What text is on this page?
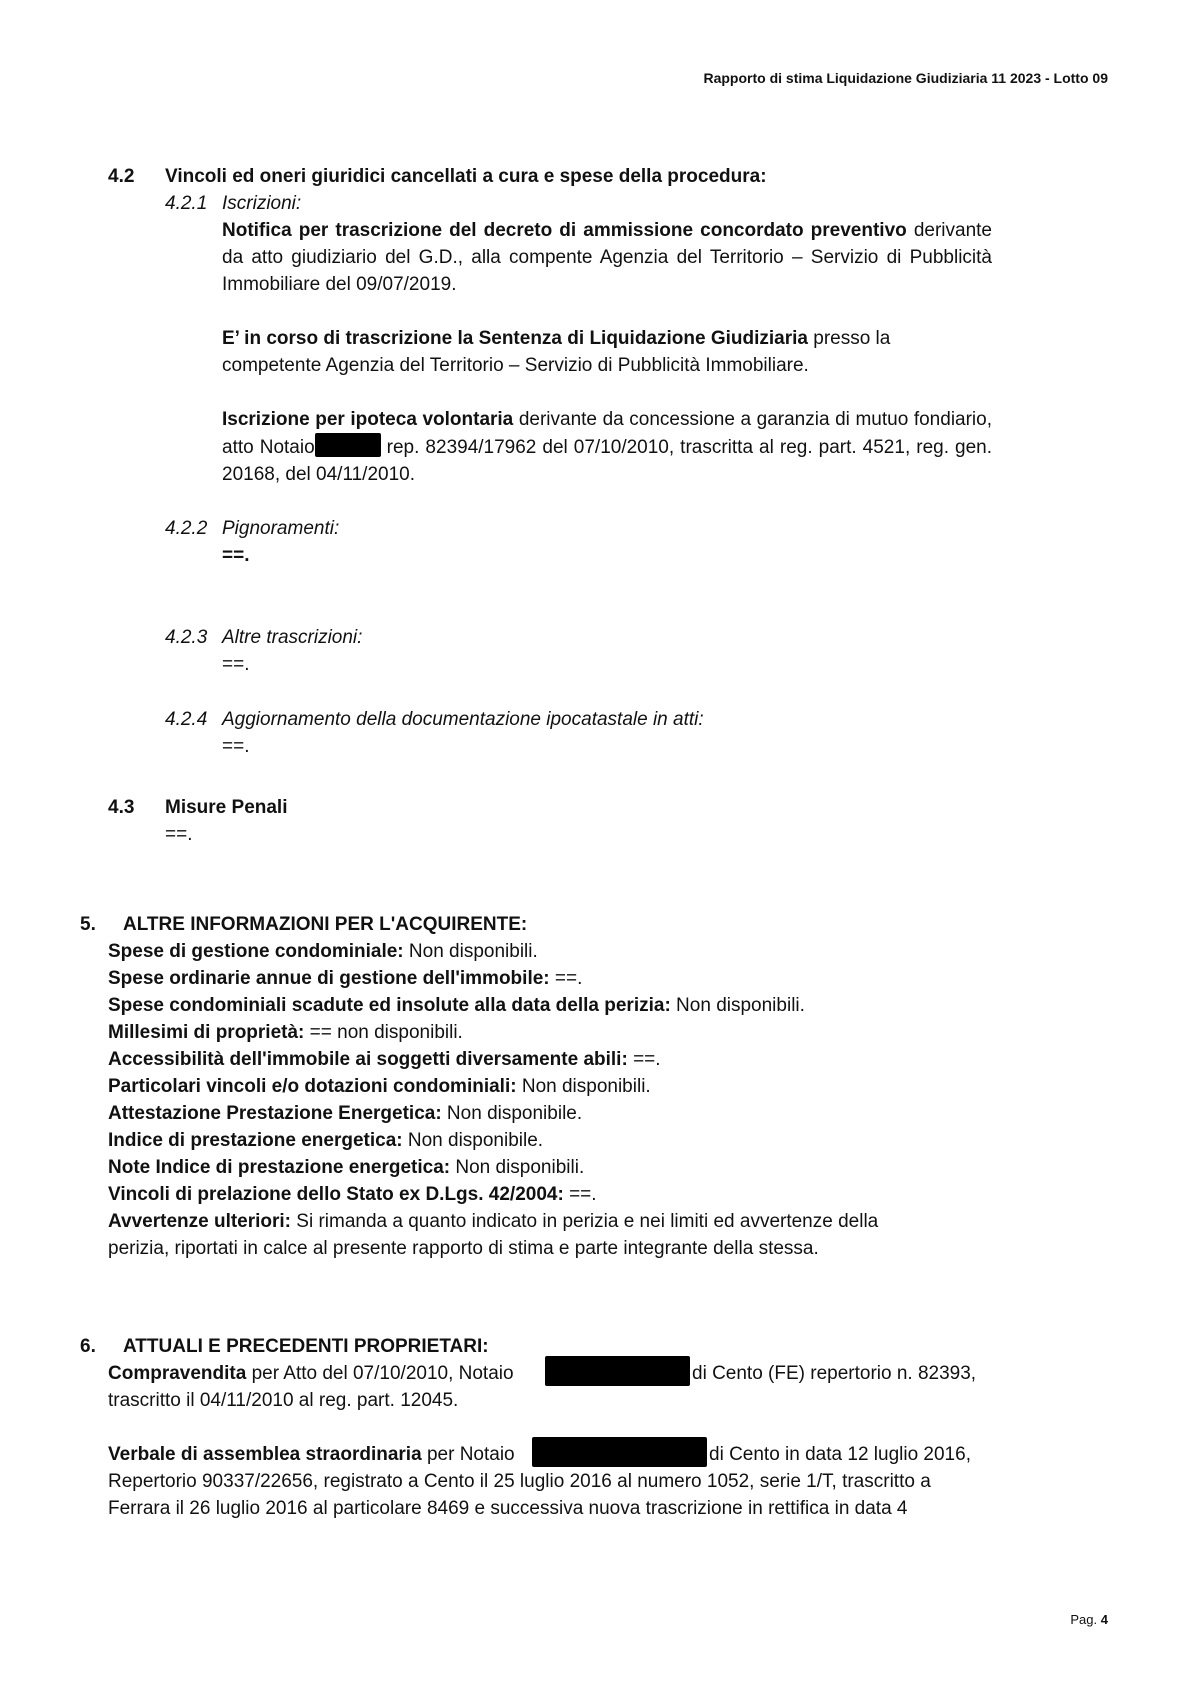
Rapporto di stima Liquidazione Giudiziaria 11 2023 - Lotto 09
4.2 Vincoli ed oneri giuridici cancellati a cura e spese della procedura:
4.2.1 Iscrizioni:
Notifica per trascrizione del decreto di ammissione concordato preventivo derivante da atto giudiziario del G.D., alla compente Agenzia del Territorio – Servizio di Pubblicità Immobiliare del 09/07/2019.
E’ in corso di trascrizione la Sentenza di Liquidazione Giudiziaria presso la competente Agenzia del Territorio – Servizio di Pubblicità Immobiliare.
Iscrizione per ipoteca volontaria derivante da concessione a garanzia di mutuo fondiario, atto Notaio	rep. 82394/17962 del 07/10/2010, trascritta al reg. part. 4521, reg. gen. 20168, del 04/11/2010.
4.2.2 Pignoramenti:
==.
4.2.3 Altre trascrizioni:
==.
4.2.4 Aggiornamento della documentazione ipocatastale in atti:
==.
4.3 Misure Penali
==.
5. ALTRE INFORMAZIONI PER L'ACQUIRENTE:
Spese di gestione condominiale: Non disponibili.
Spese ordinarie annue di gestione dell'immobile: ==.
Spese condominiali scadute ed insolute alla data della perizia: Non disponibili.
Millesimi di proprietà: == non disponibili.
Accessibilità dell'immobile ai soggetti diversamente abili: ==.
Particolari vincoli e/o dotazioni condominiali: Non disponibili.
Attestazione Prestazione Energetica: Non disponibile.
Indice di prestazione energetica: Non disponibile.
Note Indice di prestazione energetica: Non disponibili.
Vincoli di prelazione dello Stato ex D.Lgs. 42/2004: ==.
Avvertenze ulteriori: Si rimanda a quanto indicato in perizia e nei limiti ed avvertenze della
perizia, riportati in calce al presente rapporto di stima e parte integrante della stessa.
6. ATTUALI E PRECEDENTI PROPRIETARI:
Compravendita per Atto del 07/10/2010, Notaio	di Cento (FE) repertorio n. 82393,
trascritto il 04/11/2010 al reg. part. 12045.
Verbale di assemblea straordinaria per Notaio	di Cento in data 12 luglio 2016,
Repertorio 90337/22656, registrato a Cento il 25 luglio 2016 al numero 1052, serie 1/T, trascritto a
Ferrara il 26 luglio 2016 al particolare 8469 e successiva nuova trascrizione in rettifica in data 4
Pag. 4
